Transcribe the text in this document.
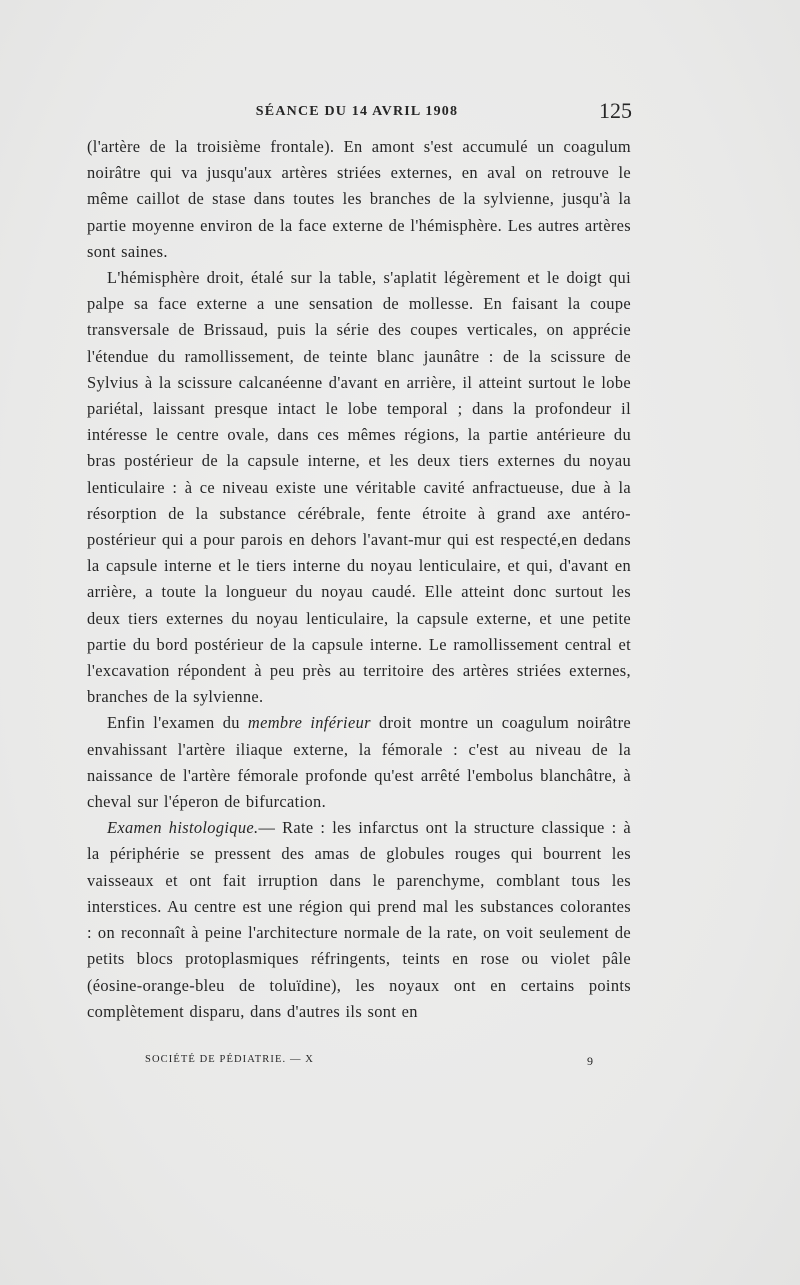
SÉANCE DU 14 AVRIL 1908	125

(l'artère de la troisième frontale). En amont s'est accumulé un coagulum noirâtre qui va jusqu'aux artères striées externes, en aval on retrouve le même caillot de stase dans toutes les branches de la sylvienne, jusqu'à la partie moyenne environ de la face externe de l'hémisphère. Les autres artères sont saines.

L'hémisphère droit, étalé sur la table, s'aplatit légèrement et le doigt qui palpe sa face externe a une sensation de mollesse. En faisant la coupe transversale de Brissaud, puis la série des coupes verticales, on apprécie l'étendue du ramollissement, de teinte blanc jaunâtre : de la scissure de Sylvius à la scissure calcanéenne d'avant en arrière, il atteint surtout le lobe pariétal, laissant presque intact le lobe temporal ; dans la profondeur il intéresse le centre ovale, dans ces mêmes régions, la partie antérieure du bras postérieur de la capsule interne, et les deux tiers externes du noyau lenticulaire : à ce niveau existe une véritable cavité anfractueuse, due à la résorption de la substance cérébrale, fente étroite à grand axe antéro-postérieur qui a pour parois en dehors l'avant-mur qui est respecté,en dedans la capsule interne et le tiers interne du noyau lenticulaire, et qui, d'avant en arrière, a toute la longueur du noyau caudé. Elle atteint donc surtout les deux tiers externes du noyau lenticulaire, la capsule externe, et une petite partie du bord postérieur de la capsule interne. Le ramollissement central et l'excavation répondent à peu près au territoire des artères striées externes, branches de la sylvienne.

Enfin l'examen du membre inférieur droit montre un coagulum noirâtre envahissant l'artère iliaque externe, la fémorale : c'est au niveau de la naissance de l'artère fémorale profonde qu'est arrêté l'embolus blanchâtre, à cheval sur l'éperon de bifurcation.

Examen histologique.— Rate : les infarctus ont la structure classique : à la périphérie se pressent des amas de globules rouges qui bourrent les vaisseaux et ont fait irruption dans le parenchyme, comblant tous les interstices. Au centre est une région qui prend mal les substances colorantes : on reconnaît à peine l'architecture normale de la rate, on voit seulement de petits blocs protoplasmiques réfringents, teints en rose ou violet pâle (éosine-orange-bleu de toluïdine), les noyaux ont en certains points complètement disparu, dans d'autres ils sont en

SOCIÉTÉ DE PÉDIATRIE. — X	9
